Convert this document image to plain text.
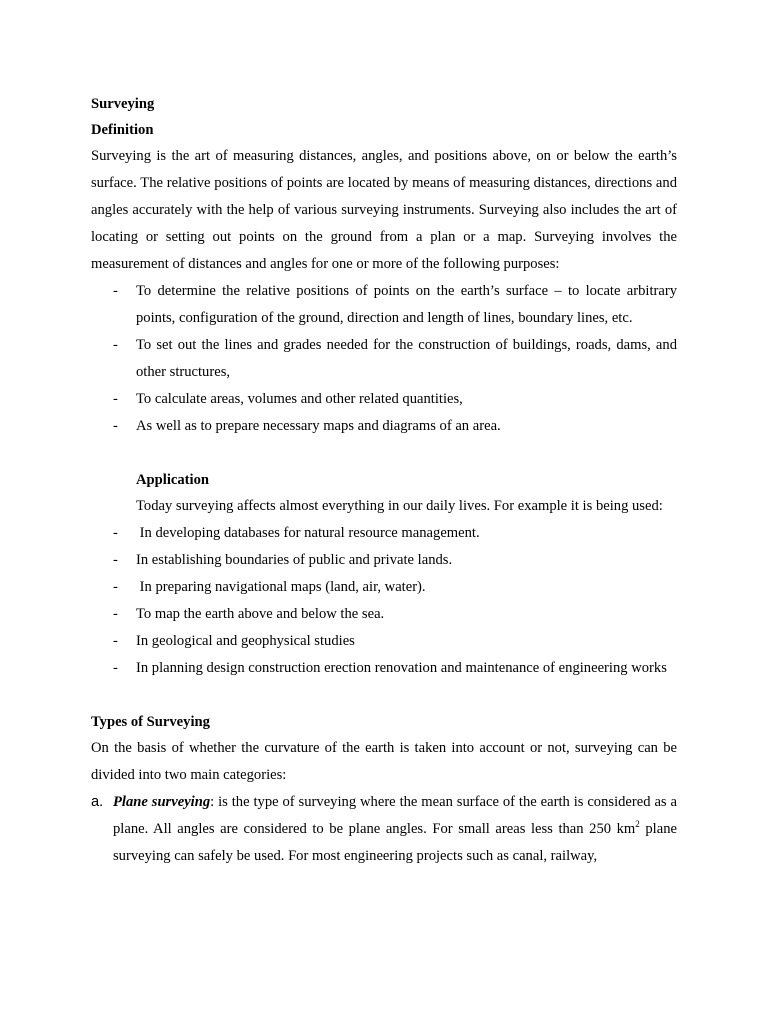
Surveying
Definition

Surveying is the art of measuring distances, angles, and positions above, on or below the earth’s surface. The relative positions of points are located by means of measuring distances, directions and angles accurately with the help of various surveying instruments. Surveying also includes the art of locating or setting out points on the ground from a plan or a map. Surveying involves the measurement of distances and angles for one or more of the following purposes:

- To determine the relative positions of points on the earth’s surface – to locate arbitrary points, configuration of the ground, direction and length of lines, boundary lines, etc.
- To set out the lines and grades needed for the construction of buildings, roads, dams, and other structures,
- To calculate areas, volumes and other related quantities,
- As well as to prepare necessary maps and diagrams of an area.
Application

Today surveying affects almost everything in our daily lives. For example it is being used:

- In developing databases for natural resource management.
- In establishing boundaries of public and private lands.
- In preparing navigational maps (land, air, water).
- To map the earth above and below the sea.
- In geological and geophysical studies
- In planning design construction erection renovation and maintenance of engineering works
Types of Surveying

On the basis of whether the curvature of the earth is taken into account or not, surveying can be divided into two main categories:

a. Plane surveying: is the type of surveying where the mean surface of the earth is considered as a plane. All angles are considered to be plane angles. For small areas less than 250 $km^2$ plane surveying can safely be used. For most engineering projects such as canal, railway,
